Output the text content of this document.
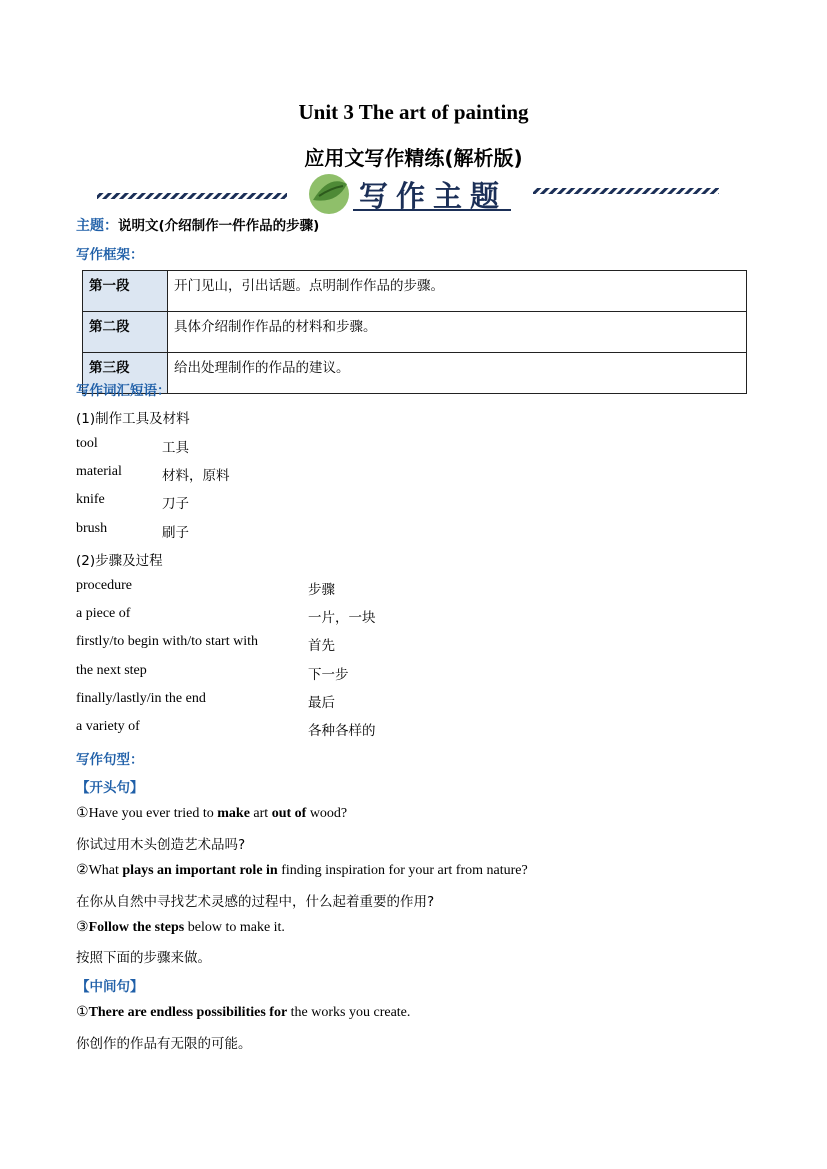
Unit 3 The art of painting
应用文写作精练(解析版)
写作主题
主题：说明文(介绍制作一件作品的步骤)
写作框架：
第一段	开门见山，引出话题。点明制作作品的步骤。
第二段	具体介绍制作作品的材料和步骤。
第三段	给出处理制作的作品的建议。
写作词汇短语：
(1)制作工具及材料
tool	工具
material	材料，原料
knife	刀子
brush	刷子
(2)步骤及过程
procedure	步骤
a piece of	一片，一块
firstly/to begin with/to start with	首先
the next step	下一步
finally/lastly/in the end	最后
a variety of	各种各样的
写作句型：
【开头句】
①Have you ever tried to make art out of wood?
你试过用木头创造艺术品吗?
②What plays an important role in finding inspiration for your art from nature?
在你从自然中寻找艺术灵感的过程中，什么起着重要的作用?
③Follow the steps below to make it.
按照下面的步骤来做。
【中间句】
①There are endless possibilities for the works you create.
你创作的作品有无限的可能。
